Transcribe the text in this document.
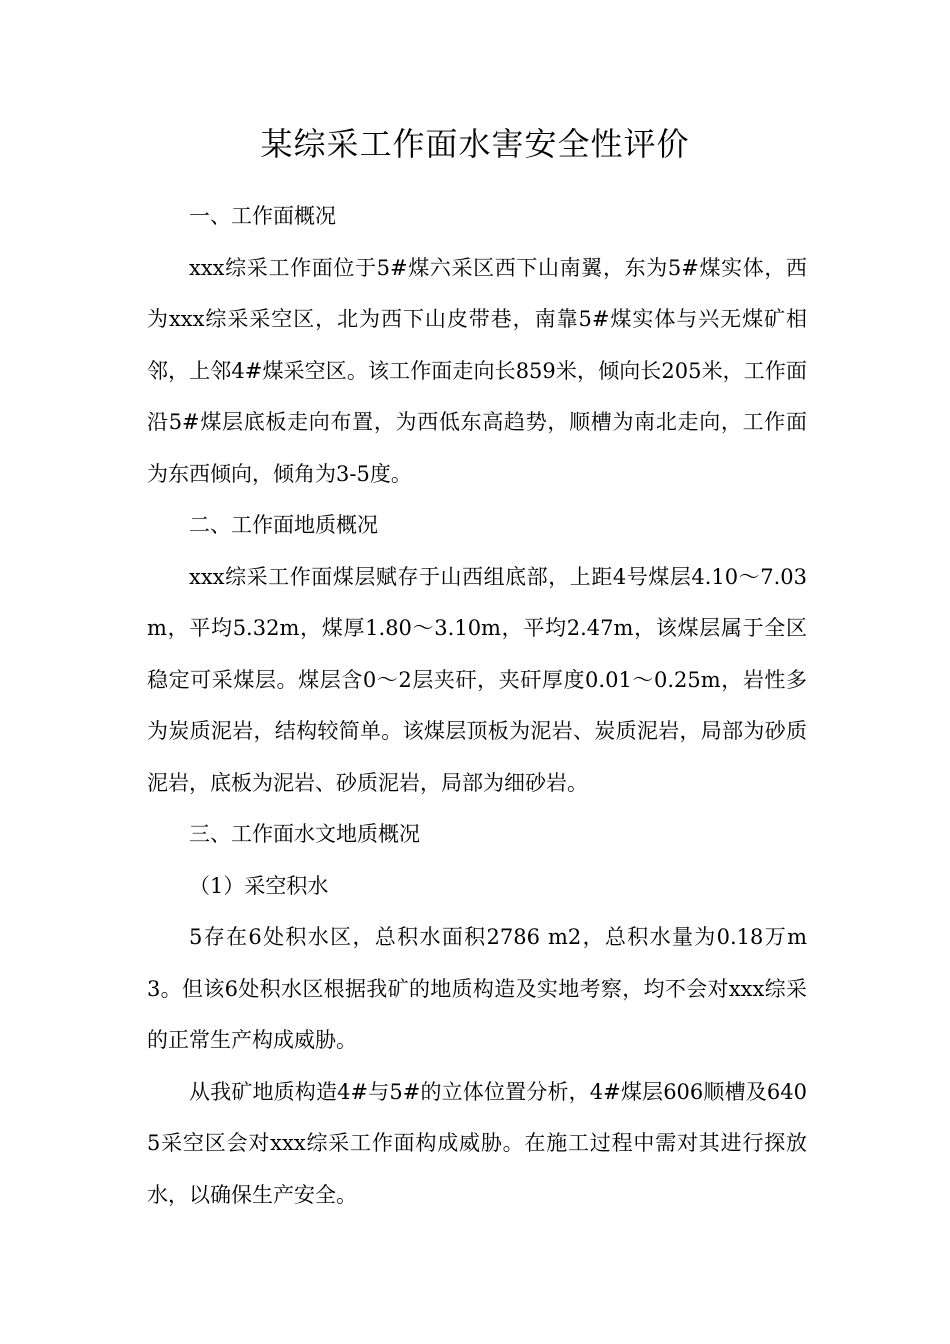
某综采工作面水害安全性评价

一、工作面概况

xxx综采工作面位于5#煤六采区西下山南翼，东为5#煤实体，西为xxx综采采空区，北为西下山皮带巷，南靠5#煤实体与兴无煤矿相邻，上邻4#煤采空区。该工作面走向长859米，倾向长205米，工作面沿5#煤层底板走向布置，为西低东高趋势，顺槽为南北走向，工作面为东西倾向，倾角为3-5度。

二、工作面地质概况

xxx综采工作面煤层赋存于山西组底部，上距4号煤层4.10～7.03m，平均5.32m，煤厚1.80～3.10m，平均2.47m，该煤层属于全区稳定可采煤层。煤层含0～2层夹矸，夹矸厚度0.01～0.25m，岩性多为炭质泥岩，结构较简单。该煤层顶板为泥岩、炭质泥岩，局部为砂质泥岩，底板为泥岩、砂质泥岩，局部为细砂岩。

三、工作面水文地质概况

（1）采空积水

5存在6处积水区，总积水面积2786 m2，总积水量为0.18万m3。但该6处积水区根据我矿的地质构造及实地考察，均不会对xxx综采的正常生产构成威胁。

从我矿地质构造4#与5#的立体位置分析，4#煤层606顺槽及6405采空区会对xxx综采工作面构成威胁。在施工过程中需对其进行探放水，以确保生产安全。
